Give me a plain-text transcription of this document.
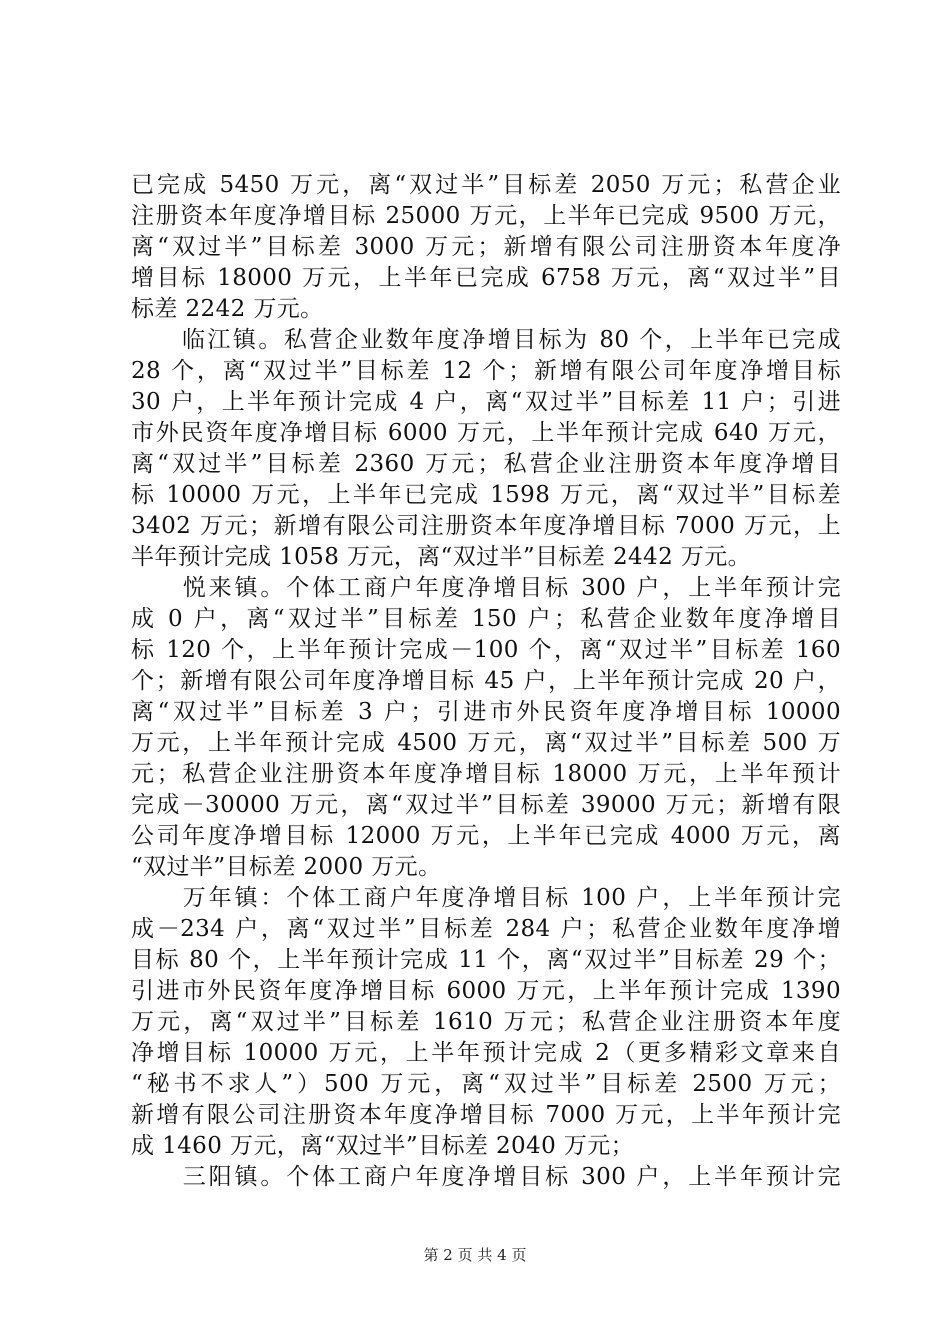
已完成 5450 万元，离“双过半”目标差 2050 万元；私营企业
注册资本年度净增目标 25000 万元，上半年已完成 9500 万元，
离“双过半”目标差 3000 万元；新增有限公司注册资本年度净
增目标 18000 万元，上半年已完成 6758 万元，离“双过半”目
标差 2242 万元。
　　临江镇。私营企业数年度净增目标为 80 个，上半年已完成
28 个，离“双过半”目标差 12 个；新增有限公司年度净增目标
30 户，上半年预计完成 4 户，离“双过半”目标差 11 户；引进
市外民资年度净增目标 6000 万元，上半年预计完成 640 万元，
离“双过半”目标差 2360 万元；私营企业注册资本年度净增目
标 10000 万元，上半年已完成 1598 万元，离“双过半”目标差
3402 万元；新增有限公司注册资本年度净增目标 7000 万元，上
半年预计完成 1058 万元，离“双过半”目标差 2442 万元。
　　悦来镇。个体工商户年度净增目标 300 户，上半年预计完
成 0 户，离“双过半”目标差 150 户；私营企业数年度净增目
标 120 个，上半年预计完成－100 个，离“双过半”目标差 160
个；新增有限公司年度净增目标 45 户，上半年预计完成 20 户，
离“双过半”目标差 3 户；引进市外民资年度净增目标 10000
万元，上半年预计完成 4500 万元，离“双过半”目标差 500 万
元；私营企业注册资本年度净增目标 18000 万元，上半年预计
完成－30000 万元，离“双过半”目标差 39000 万元；新增有限
公司年度净增目标 12000 万元，上半年已完成 4000 万元，离
“双过半”目标差 2000 万元。
　　万年镇：个体工商户年度净增目标 100 户，上半年预计完
成－234 户，离“双过半”目标差 284 户；私营企业数年度净增
目标 80 个，上半年预计完成 11 个，离“双过半”目标差 29 个；
引进市外民资年度净增目标 6000 万元，上半年预计完成 1390
万元，离“双过半”目标差 1610 万元；私营企业注册资本年度
净增目标 10000 万元，上半年预计完成 2（更多精彩文章来自
“秘书不求人”）500 万元，离“双过半”目标差 2500 万元；
新增有限公司注册资本年度净增目标 7000 万元，上半年预计完
成 1460 万元，离“双过半”目标差 2040 万元；
　　三阳镇。个体工商户年度净增目标 300 户，上半年预计完
第 2 页 共 4 页
